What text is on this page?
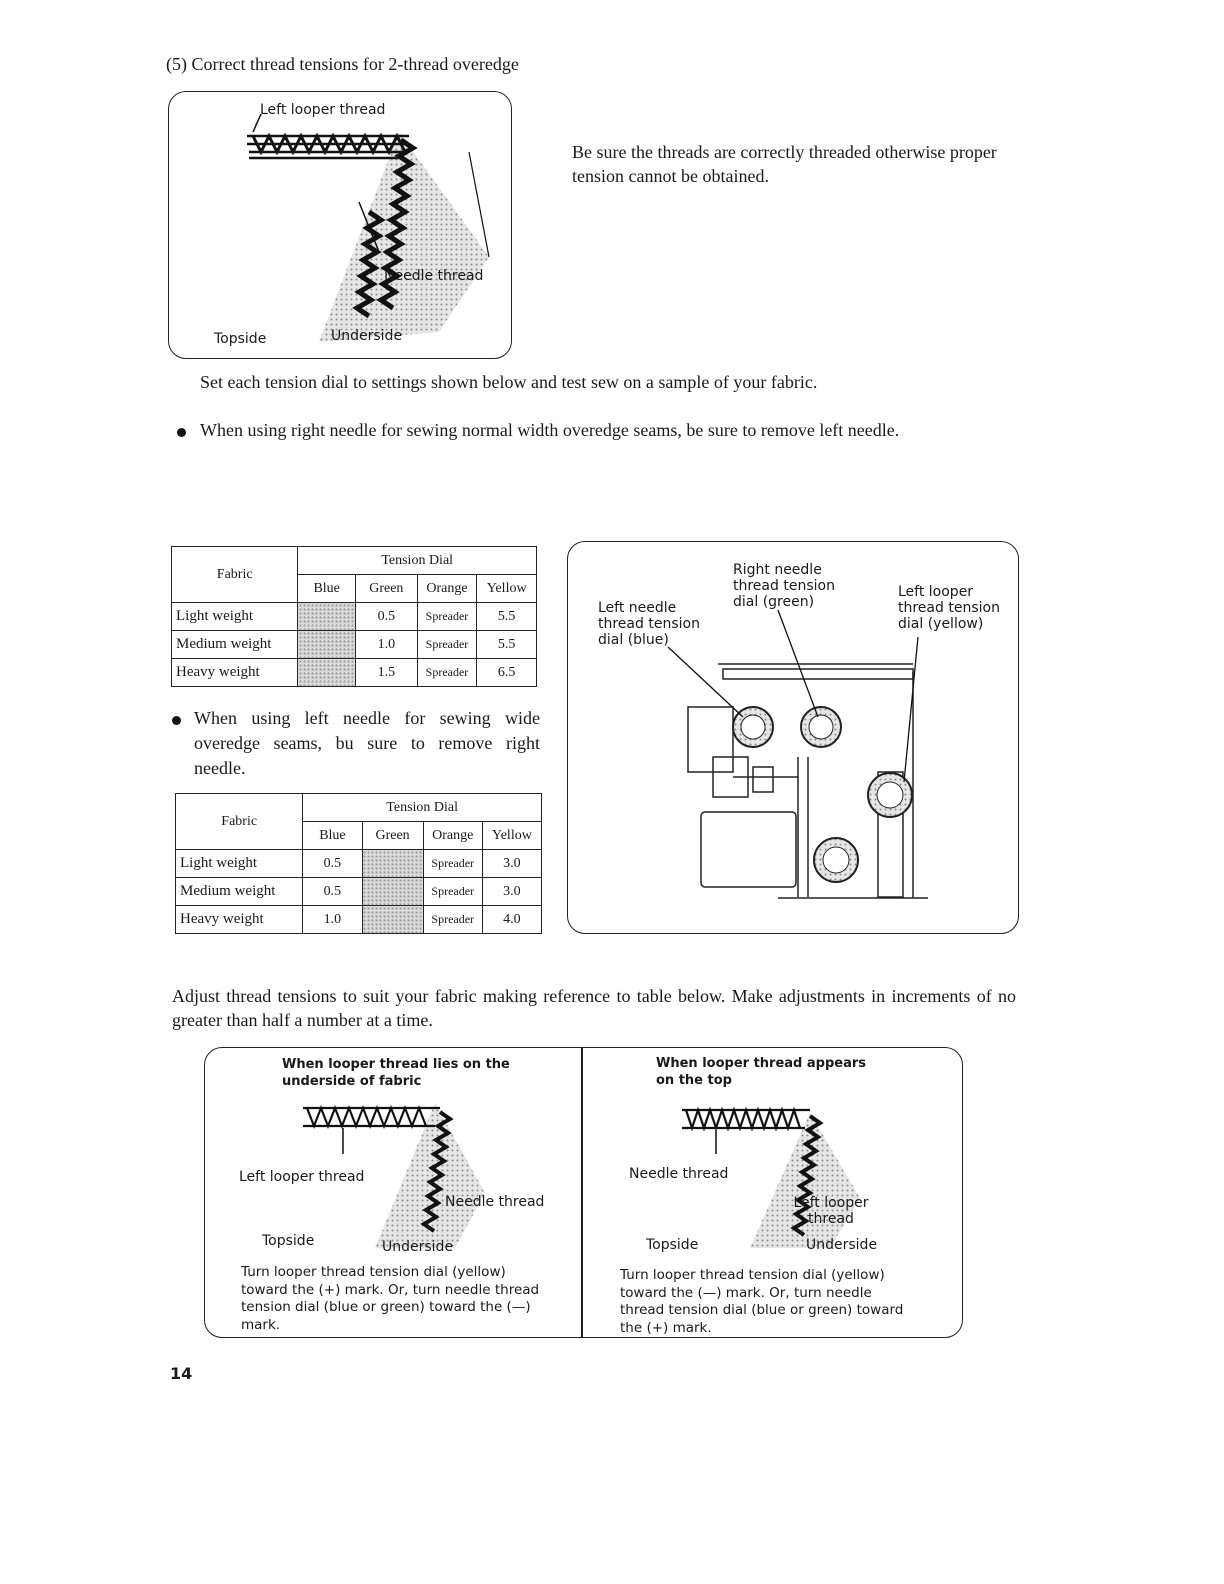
(5) Correct thread tensions for 2-thread overedge
Left looper thread
Needle thread
Topside	Underside
Be sure the threads are correctly threaded otherwise proper tension cannot be obtained.
Set each tension dial to settings shown below and test sew on a sample of your fabric.
When using right needle for sewing normal width overedge seams, be sure to remove left needle.
Fabric	Tension Dial			
	Blue	Green	Orange	Yellow
Light weight		0.5	Spreader	5.5
Medium weight		1.0	Spreader	5.5
Heavy weight		1.5	Spreader	6.5
When using left needle for sewing wide overedge seams, bu sure to remove right needle.
Fabric	Tension Dial			
	Blue	Green	Orange	Yellow
Light weight	0.5		Spreader	3.0
Medium weight	0.5		Spreader	3.0
Heavy weight	1.0		Spreader	4.0
Right needle thread tension dial (green)
Left needle thread tension dial (blue)
Left looper thread tension dial (yellow)
Adjust thread tensions to suit your fabric making reference to table below. Make adjustments in increments of no greater than half a number at a time.
When looper thread lies on the underside of fabric
Left looper thread
Needle thread
Topside	Underside
Turn looper thread tension dial (yellow) toward the (+) mark. Or, turn needle thread tension dial (blue or green) toward the (—) mark.
When looper thread appears on the top
Needle thread
Left looper thread
Topside	Underside
Turn looper thread tension dial (yellow) toward the (—) mark. Or, turn needle thread tension dial (blue or green) toward the (+) mark.
14
